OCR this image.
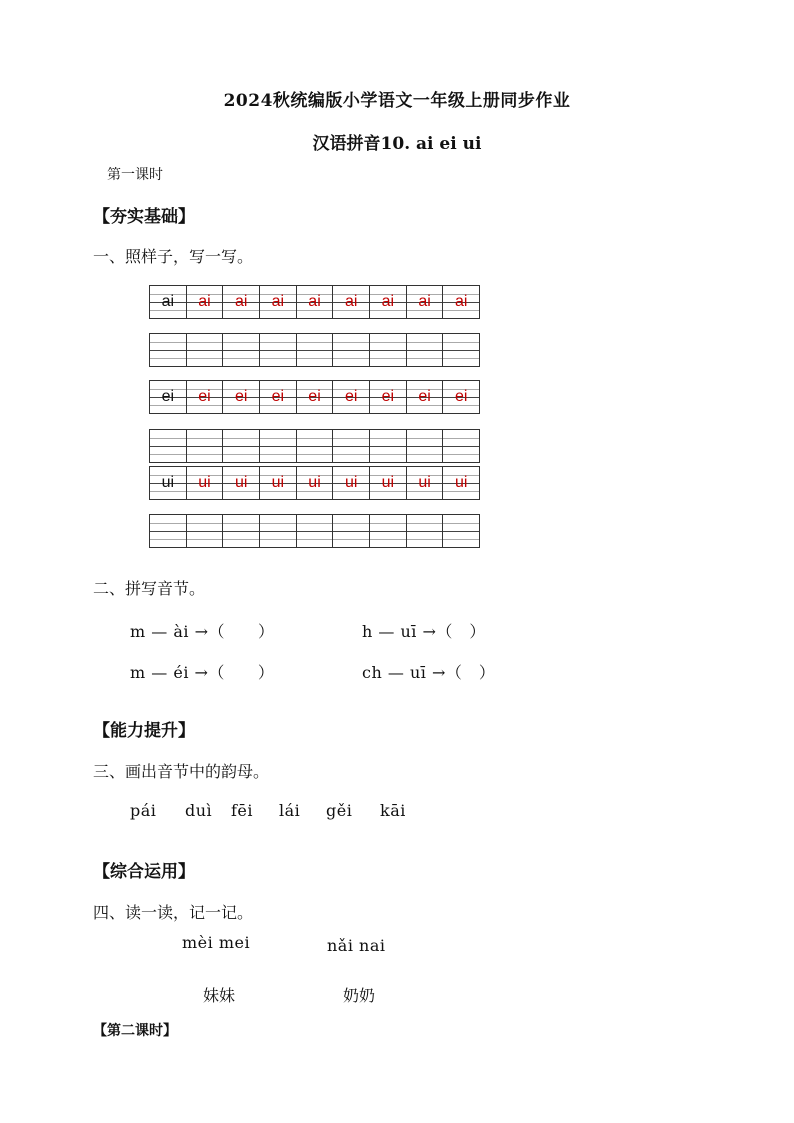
2024秋统编版小学语文一年级上册同步作业
汉语拼音10. ai ei ui
第一课时
【夯实基础】
一、照样子，写一写。
ai	ai	ai	ai	ai	ai	ai	ai	ai
ei	ei	ei	ei	ei	ei	ei	ei	ei
ui	ui	ui	ui	ui	ui	ui	ui	ui
二、拼写音节。
m — ài →（　　）	h — uī →（　）
m — éi →（　　）	ch — uī →（　）
【能力提升】
三、画出音节中的韵母。
pái duì fēi lái gěi kāi
【综合运用】
四、读一读，记一记。
mèi mei	nǎi nai
妹妹	奶奶
【第二课时】
